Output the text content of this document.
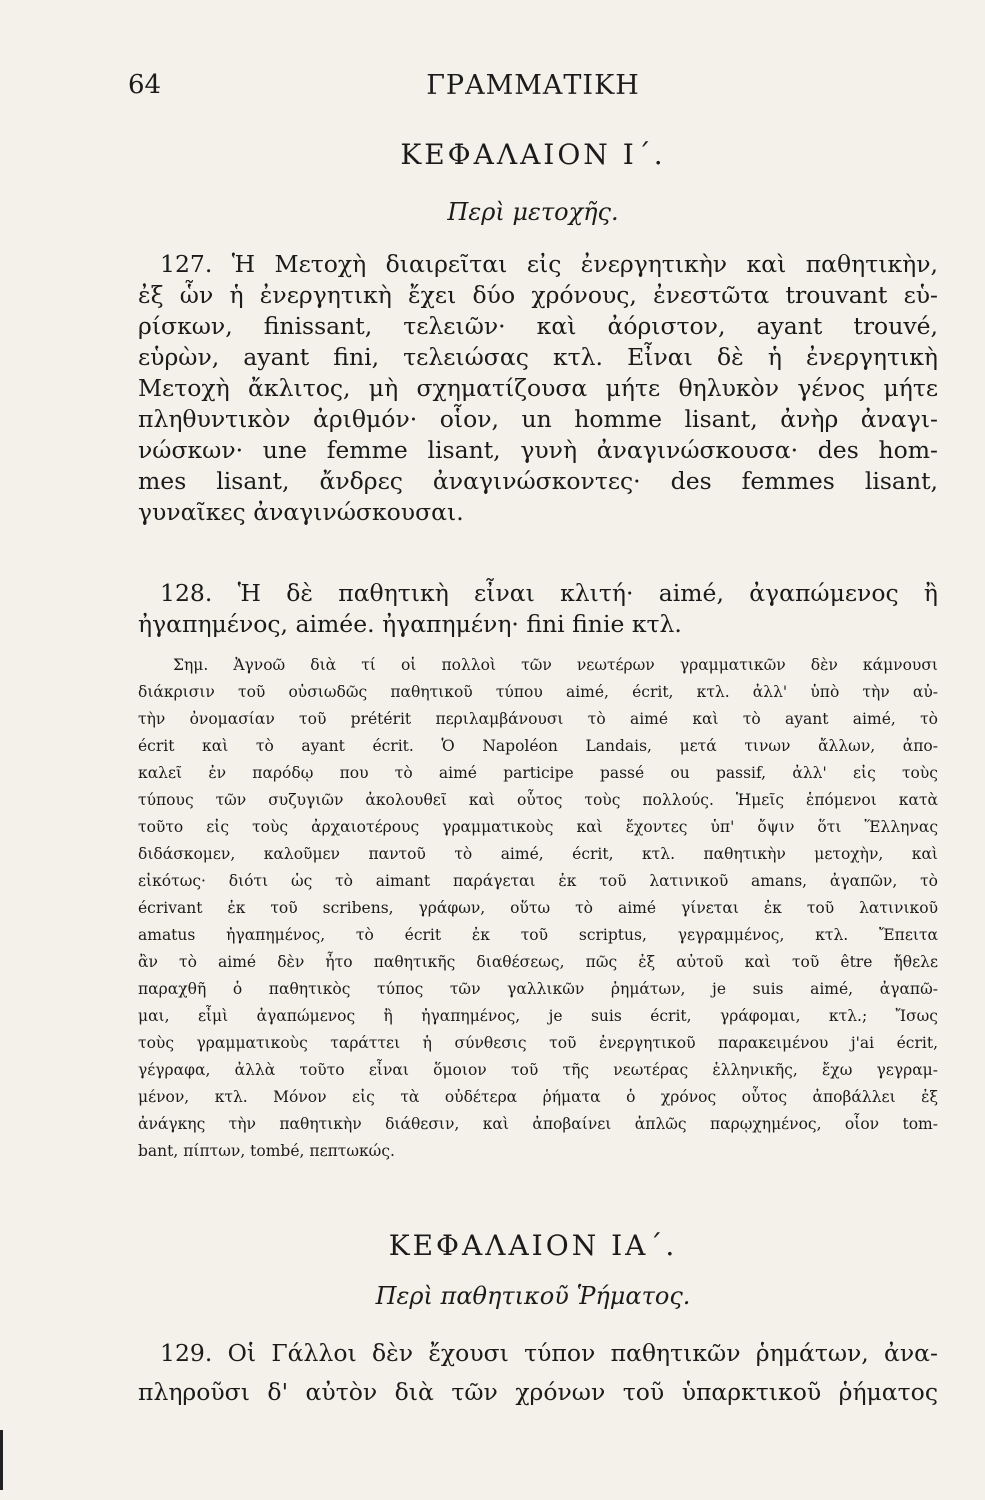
64	ΓΡΑΜΜΑΤΙΚΗ
ΚΕΦΑΛΑΙΟΝ Ι΄.
Περὶ μετοχῆς.
127. Ἡ Μετοχὴ διαιρεῖται εἰς ἐνεργητικὴν καὶ παθητικὴν,
ἐξ ὧν ἡ ἐνεργητικὴ ἔχει δύο χρόνους, ἐνεστῶτα trouvant εὑ-
ρίσκων, finissant, τελειῶν· καὶ ἀόριστον, ayant trouvé,
εὑρὼν, ayant fini, τελειώσας κτλ. Εἶναι δὲ ἡ ἐνεργητικὴ
Μετοχὴ ἄκλιτος, μὴ σχηματίζουσα μήτε θηλυκὸν γένος μήτε
πληθυντικὸν ἀριθμόν· οἷον, un homme lisant, ἀνὴρ ἀναγι-
νώσκων· une femme lisant, γυνὴ ἀναγινώσκουσα· des hom-
mes lisant, ἄνδρες ἀναγινώσκοντες· des femmes lisant,
γυναῖκες ἀναγινώσκουσαι.
128. Ἡ δὲ παθητικὴ εἶναι κλιτή· aimé, ἀγαπώμενος ἢ
ἠγαπημένος, aimée. ἠγαπημένη· fini finie κτλ.
Σημ. Ἀγνοῶ διὰ τί οἱ πολλοὶ τῶν νεωτέρων γραμματικῶν δὲν κάμνουσι
διάκρισιν τοῦ οὐσιωδῶς παθητικοῦ τύπου aimé, écrit, κτλ. ἀλλ' ὑπὸ τὴν αὐ-
τὴν ὀνομασίαν τοῦ prétérit περιλαμβάνουσι τὸ aimé καὶ τὸ ayant aimé, τὸ
écrit καὶ τὸ ayant écrit. Ὁ Napoléon Landais, μετά τινων ἄλλων, ἀπο-
καλεῖ ἐν παρόδῳ που τὸ aimé participe passé ou passif, ἀλλ' εἰς τοὺς
τύπους τῶν συζυγιῶν ἀκολουθεῖ καὶ οὗτος τοὺς πολλούς. Ἡμεῖς ἑπόμενοι κατὰ
τοῦτο εἰς τοὺς ἀρχαιοτέρους γραμματικοὺς καὶ ἔχοντες ὑπ' ὄψιν ὅτι Ἕλληνας
διδάσκομεν, καλοῦμεν παντοῦ τὸ aimé, écrit, κτλ. παθητικὴν μετοχὴν, καὶ
εἰκότως· διότι ὡς τὸ aimant παράγεται ἐκ τοῦ λατινικοῦ amans, ἀγαπῶν, τὸ
écrivant ἐκ τοῦ scribens, γράφων, οὕτω τὸ aimé γίνεται ἐκ τοῦ λατινικοῦ
amatus ἠγαπημένος, τὸ écrit ἐκ τοῦ scriptus, γεγραμμένος, κτλ. Ἔπειτα
ἂν τὸ aimé δὲν ἦτο παθητικῆς διαθέσεως, πῶς ἐξ αὐτοῦ καὶ τοῦ être ἤθελε
παραχθῆ ὁ παθητικὸς τύπος τῶν γαλλικῶν ῥημάτων, je suis aimé, ἀγαπῶ-
μαι, εἶμὶ ἀγαπώμενος ἢ ἠγαπημένος, je suis écrit, γράφομαι, κτλ.; Ἴσως
τοὺς γραμματικοὺς ταράττει ἡ σύνθεσις τοῦ ἐνεργητικοῦ παρακειμένου j'ai écrit,
γέγραφα, ἀλλὰ τοῦτο εἶναι ὅμοιον τοῦ τῆς νεωτέρας ἑλληνικῆς, ἔχω γεγραμ-
μένον, κτλ. Μόνον εἰς τὰ οὐδέτερα ῥήματα ὁ χρόνος οὗτος ἀποβάλλει ἐξ
ἀνάγκης τὴν παθητικὴν διάθεσιν, καὶ ἀποβαίνει ἁπλῶς παρῳχημένος, οἷον tom-
bant, πίπτων, tombé, πεπτωκώς.
ΚΕΦΑΛΑΙΟΝ ΙΑ΄.
Περὶ παθητικοῦ Ῥήματος.
129. Οἱ Γάλλοι δὲν ἔχουσι τύπον παθητικῶν ῥημάτων, ἀνα-
πληροῦσι δ' αὐτὸν διὰ τῶν χρόνων τοῦ ὑπαρκτικοῦ ῥήματος
